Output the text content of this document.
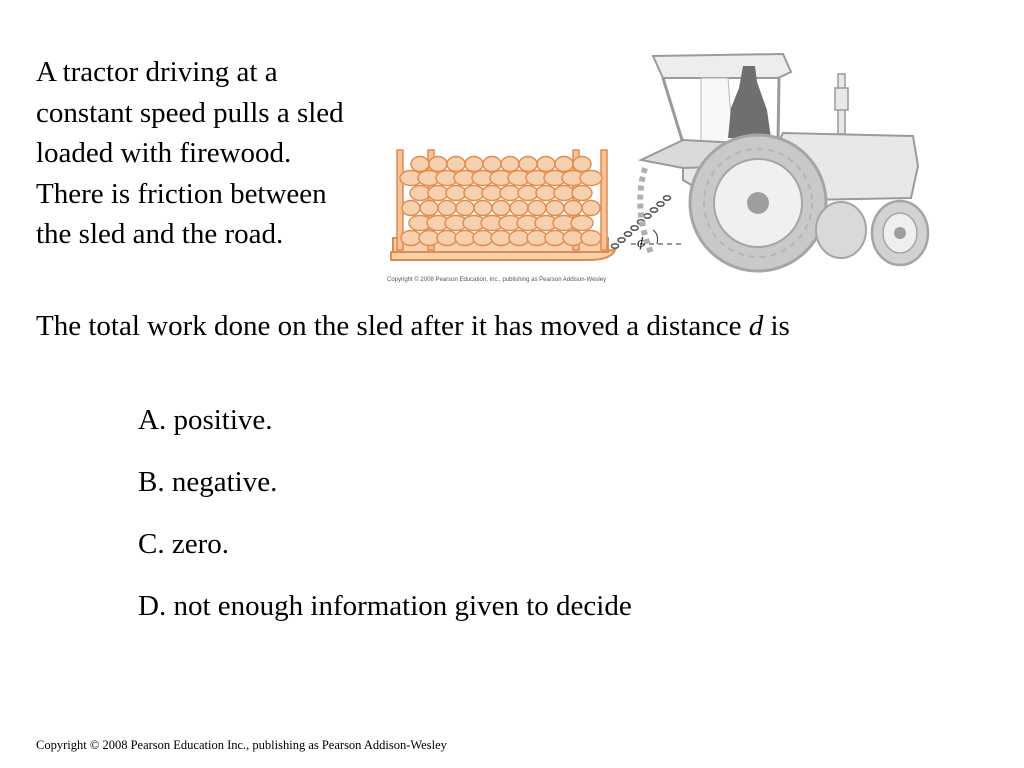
A tractor driving at a constant speed pulls a sled loaded with firewood. There is friction between the sled and the road.	ϕ
Copyright © 2008 Pearson Education, Inc., publishing as Pearson Addison-Wesley
The total work done on the sled after it has moved a distance d is
A. positive.
B. negative.
C. zero.
D. not enough information given to decide
Copyright © 2008 Pearson Education Inc., publishing as Pearson Addison-Wesley
